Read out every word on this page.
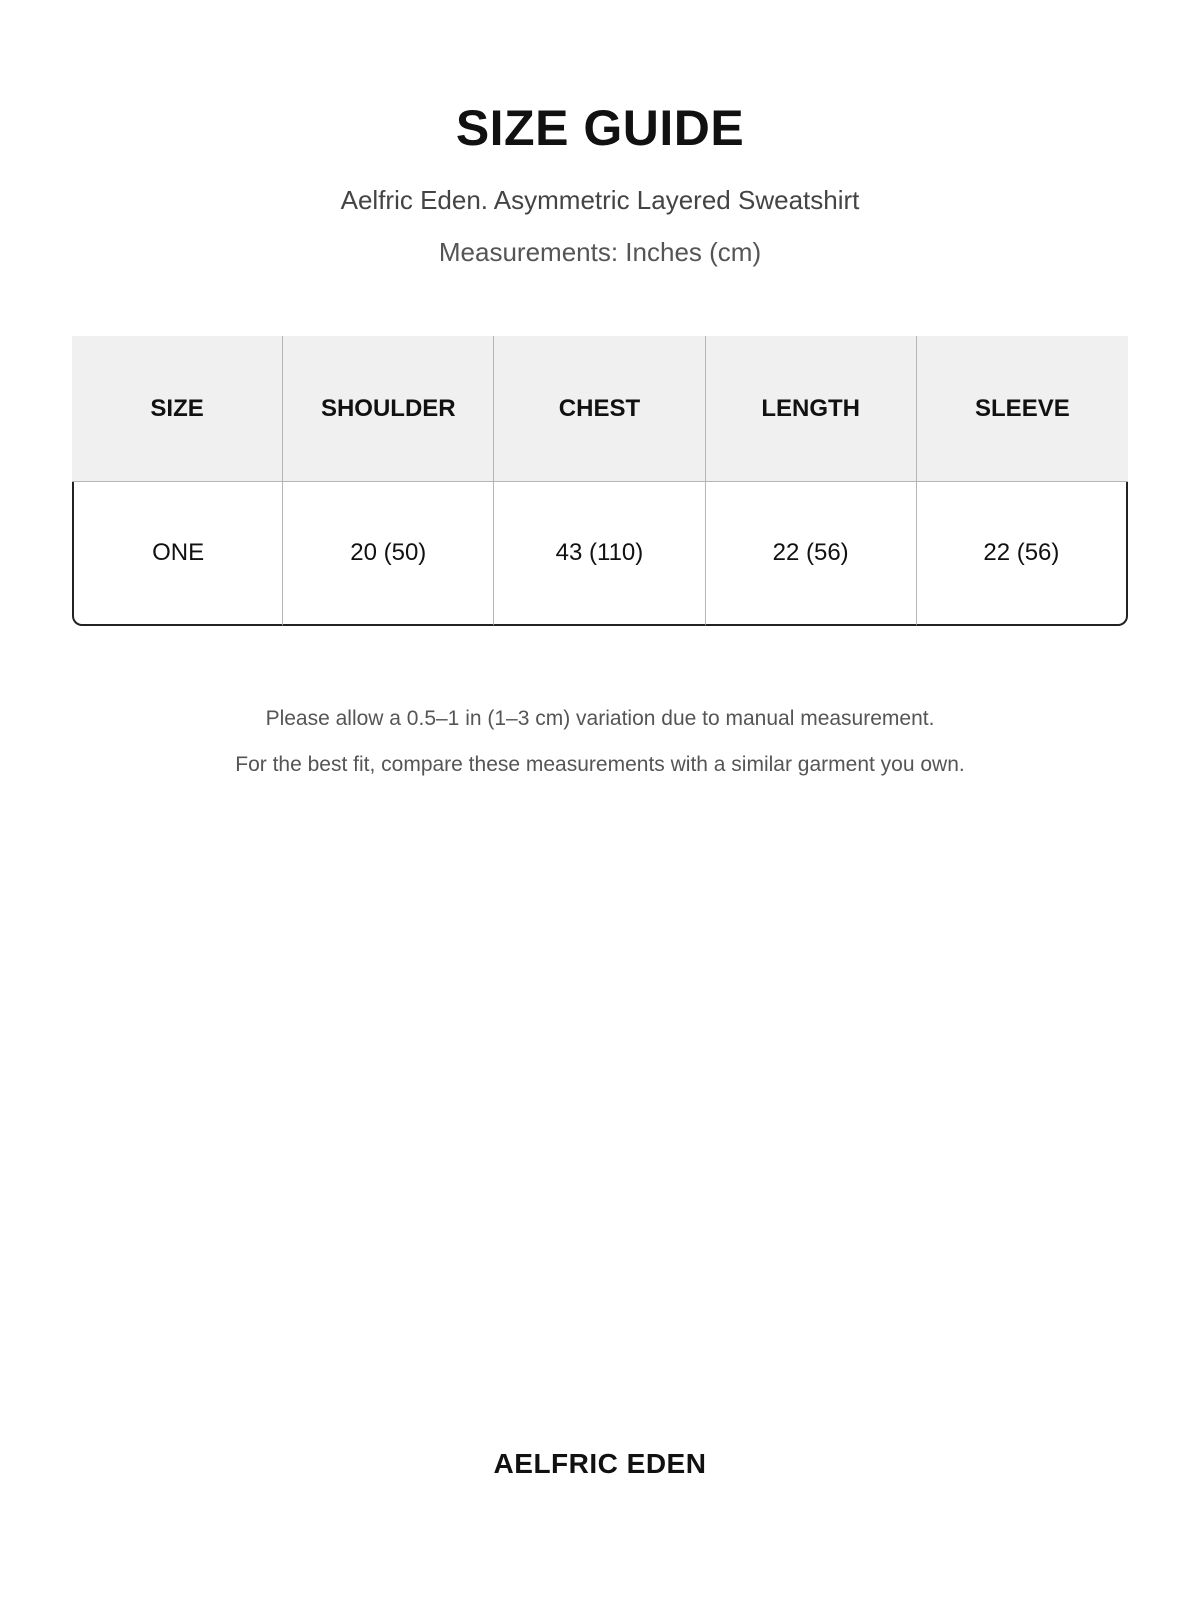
SIZE GUIDE
Aelfric Eden. Asymmetric Layered Sweatshirt
Measurements: Inches (cm)
SIZE	SHOULDER	CHEST	LENGTH	SLEEVE
ONE	20 (50)	43 (110)	22 (56)	22 (56)
Please allow a 0.5–1 in (1–3 cm) variation due to manual measurement.
For the best fit, compare these measurements with a similar garment you own.
AELFRIC EDEN
